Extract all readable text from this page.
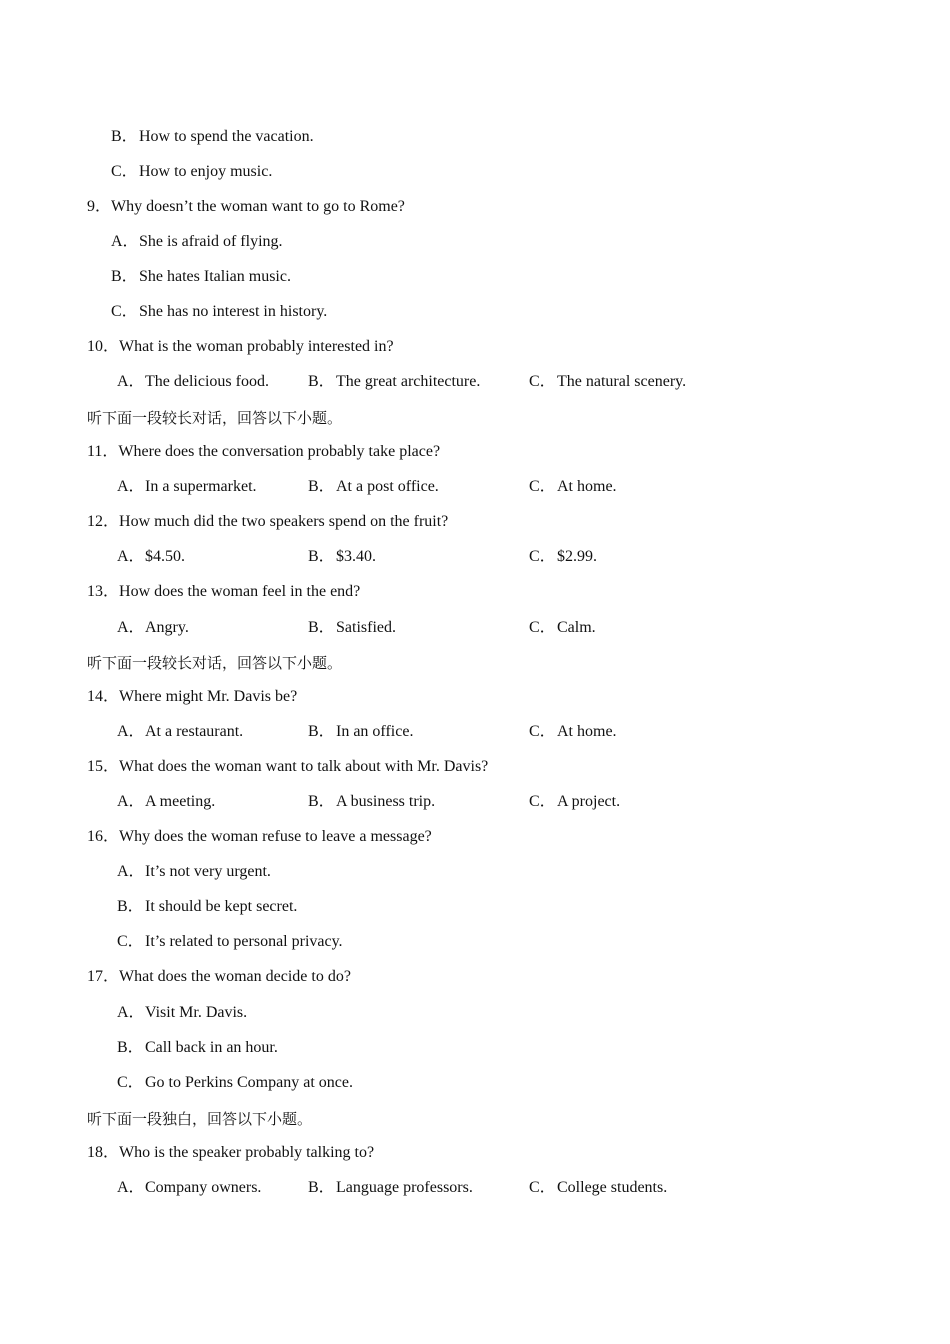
B．How to spend the vacation.
C．How to enjoy music.
9．Why doesn’t the woman want to go to Rome?
A．She is afraid of flying.
B．She hates Italian music.
C．She has no interest in history.
10．What is the woman probably interested in?
A．The delicious food. B．The great architecture.	C．The natural scenery.
听下面一段较长对话，回答以下小题。
11．Where does the conversation probably take place?
A．In a supermarket.	B．At a post office.	C．At home.
12．How much did the two speakers spend on the fruit?
A．$4.50.	B．$3.40.	C．$2.99.
13．How does the woman feel in the end?
A．Angry.	B．Satisfied.	C．Calm.
听下面一段较长对话，回答以下小题。
14．Where might Mr. Davis be?
A．At a restaurant.	B．In an office.	C．At home.
15．What does the woman want to talk about with Mr. Davis?
A．A meeting.	B．A business trip.	C．A project.
16．Why does the woman refuse to leave a message?
A．It’s not very urgent.
B．It should be kept secret.
C．It’s related to personal privacy.
17．What does the woman decide to do?
A．Visit Mr. Davis.
B．Call back in an hour.
C．Go to Perkins Company at once.
听下面一段独白，回答以下小题。
18．Who is the speaker probably talking to?
A．Company owners.	B．Language professors.	C．College students.
